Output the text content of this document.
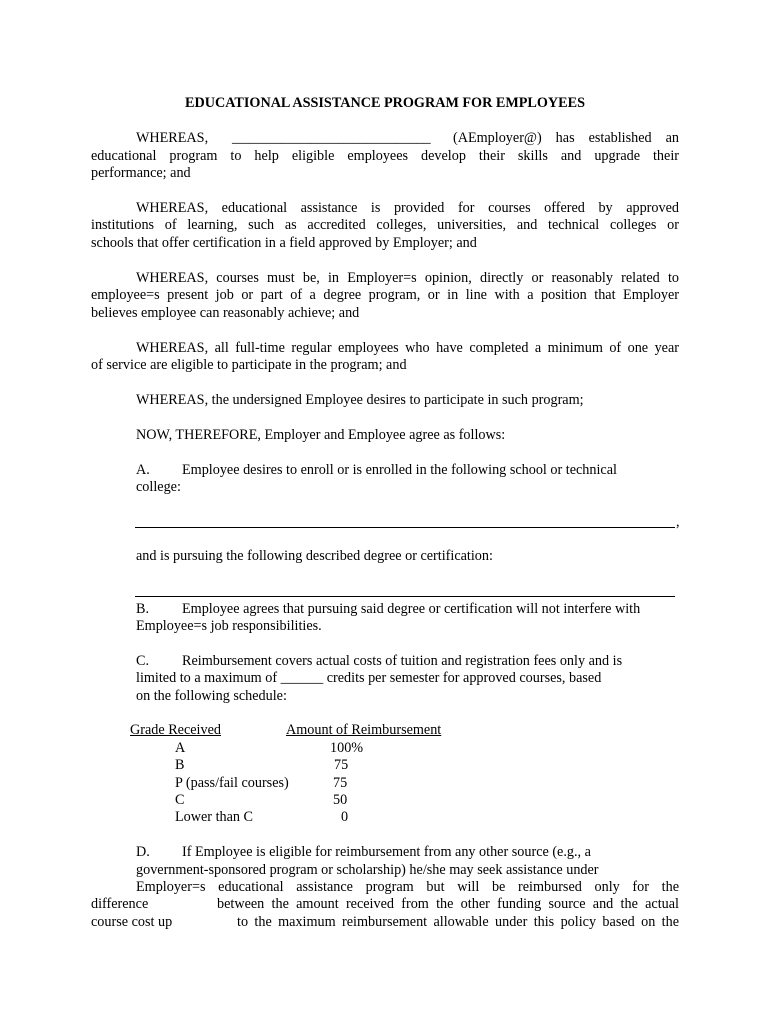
EDUCATIONAL ASSISTANCE PROGRAM FOR EMPLOYEES
WHEREAS, ____________________________ (AEmployer@) has established an
educational program to help eligible employees develop their skills and upgrade their
performance; and
WHEREAS, educational assistance is provided for courses offered by approved
institutions of learning, such as accredited colleges, universities, and technical colleges or
schools that offer certification in a field approved by Employer; and
WHEREAS, courses must be, in Employer=s opinion, directly or reasonably related to
employee=s present job or part of a degree program, or in line with a position that Employer
believes employee can reasonably achieve; and
WHEREAS, all full-time regular employees who have completed a minimum of one year
of service are eligible to participate in the program; and
WHEREAS, the undersigned Employee desires to participate in such program;
NOW, THEREFORE, Employer and Employee agree as follows:
A. Employee desires to enroll or is enrolled in the following school or technical
college:
,
and is pursuing the following described degree or certification:
B. Employee agrees that pursuing said degree or certification will not interfere with
Employee=s job responsibilities.
C. Reimbursement covers actual costs of tuition and registration fees only and is
limited to a maximum of ______ credits per semester for approved courses, based
on the following schedule:
Grade Received	Amount of Reimbursement
A	100%
B	75
P (pass/fail courses)	75
C	50
Lower than C	0
D. If Employee is eligible for reimbursement from any other source (e.g., a
government-sponsored program or scholarship) he/she may seek assistance under
Employer=s educational assistance program but will be reimbursed only for the
difference	between the amount received from the other funding source and the actual
course cost up	to the maximum reimbursement allowable under this policy based on the
